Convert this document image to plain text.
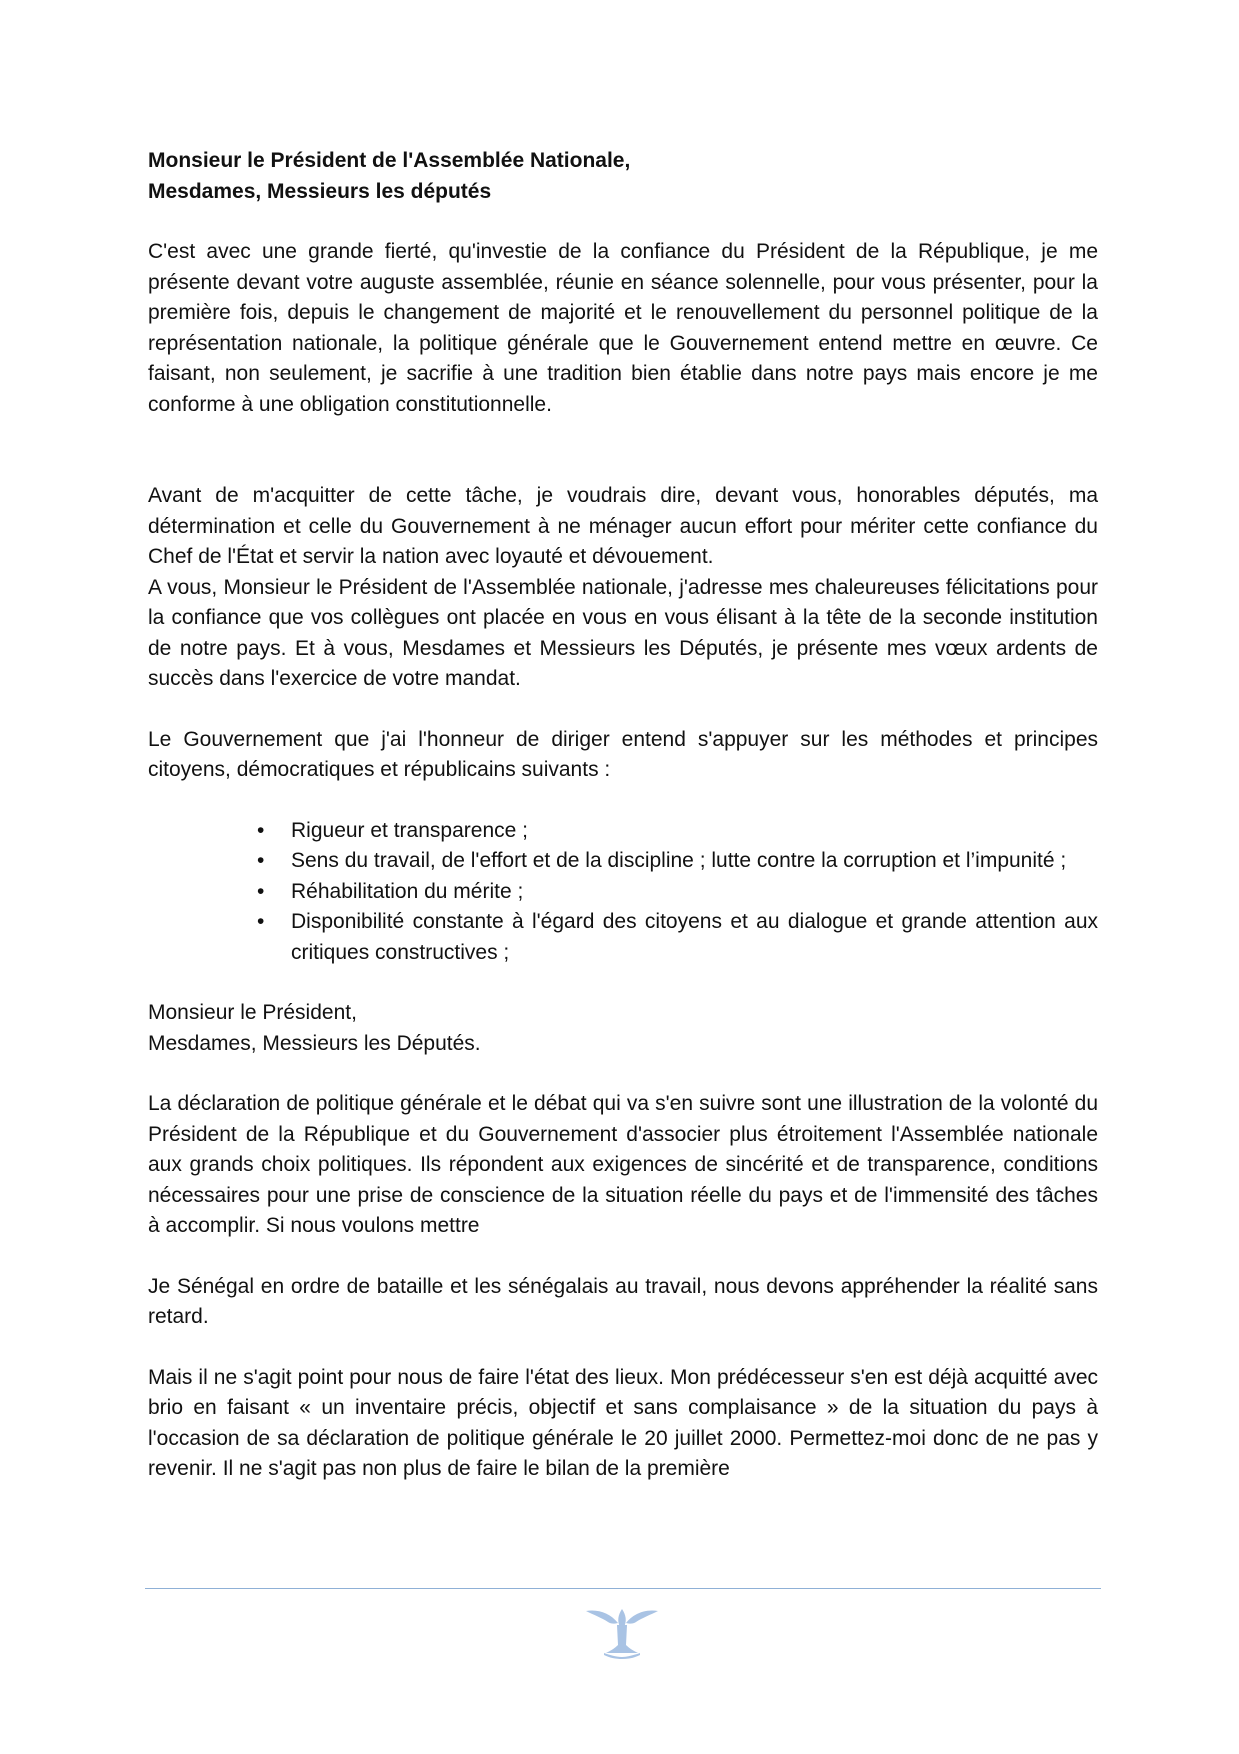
Monsieur le Président de l'Assemblée Nationale,

Mesdames, Messieurs les députés

C'est avec une grande fierté, qu'investie de la confiance du Président de la République, je me présente devant votre auguste assemblée, réunie en séance solennelle, pour vous présenter, pour la première fois, depuis le changement de majorité et le renouvellement du personnel politique de la représentation nationale, la politique générale que le Gouvernement entend mettre en œuvre. Ce faisant, non seulement, je sacrifie à une tradition bien établie dans notre pays mais encore je me conforme à une obligation constitutionnelle.

Avant de m'acquitter de cette tâche, je voudrais dire, devant vous, honorables députés, ma détermination et celle du Gouvernement à ne ménager aucun effort pour mériter cette confiance du Chef de l'État et servir la nation avec loyauté et dévouement.

A vous, Monsieur le Président de l'Assemblée nationale, j'adresse mes chaleureuses félicitations pour la confiance que vos collègues ont placée en vous en vous élisant à la tête de la seconde institution de notre pays. Et à vous, Mesdames et Messieurs les Députés, je présente mes vœux ardents de succès dans l'exercice de votre mandat.

Le Gouvernement que j'ai l'honneur de diriger entend s'appuyer sur les méthodes et principes citoyens, démocratiques et républicains suivants :

• Rigueur et transparence ;
• Sens du travail, de l'effort et de la discipline ; lutte contre la corruption et l’impunité ;
• Réhabilitation du mérite ;
• Disponibilité constante à l'égard des citoyens et au dialogue et grande attention aux critiques constructives ;

Monsieur le Président,

Mesdames, Messieurs les Députés.

La déclaration de politique générale et le débat qui va s'en suivre sont une illustration de la volonté du Président de la République et du Gouvernement d'associer plus étroitement l'Assemblée nationale aux grands choix politiques. Ils répondent aux exigences de sincérité et de transparence, conditions nécessaires pour une prise de conscience de la situation réelle du pays et de l'immensité des tâches à accomplir. Si nous voulons mettre

Je Sénégal en ordre de bataille et les sénégalais au travail, nous devons appréhender la réalité sans retard.

Mais il ne s'agit point pour nous de faire l'état des lieux. Mon prédécesseur s'en est déjà acquitté avec brio en faisant « un inventaire précis, objectif et sans complaisance » de la situation du pays à l'occasion de sa déclaration de politique générale le 20 juillet 2000. Permettez-moi donc de ne pas y revenir. Il ne s'agit pas non plus de faire le bilan de la première
